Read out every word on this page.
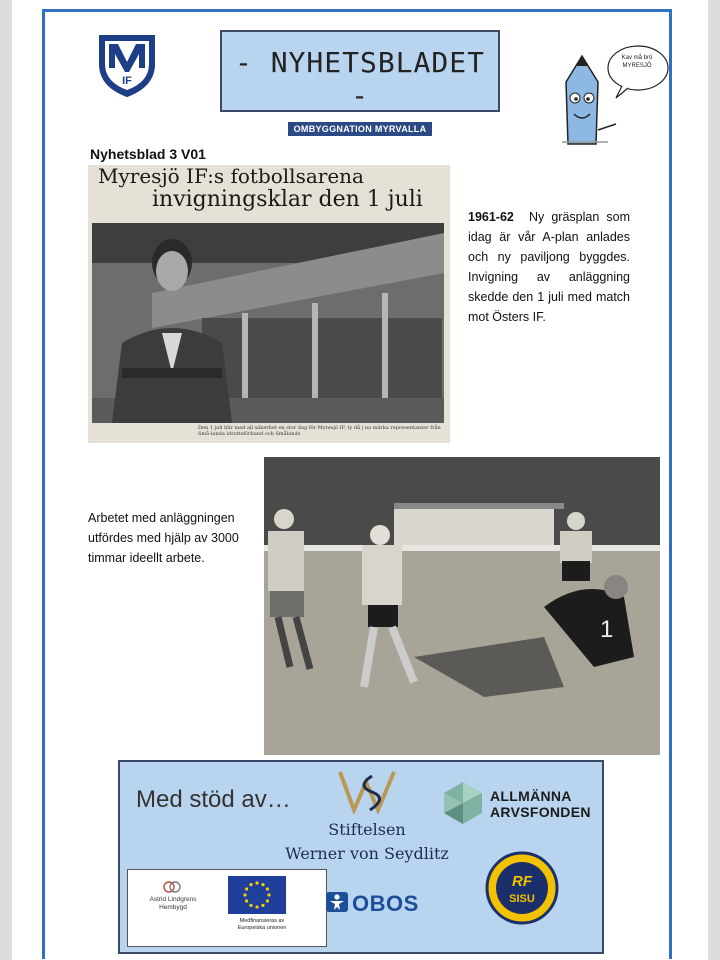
IF
- NYHETSBLADET -
OMBYGGNATION MYRVALLA
Kav må brö MYRESJÖ
Nyhetsblad 3 V01
Myresjö IF:s fotbollsarena
invigningsklar den 1 juli
Den 1 juli blir med all säkerhet en stor dag för Myresjö IF, ty då | na märka representanter från Små-landa idrottsförbund och Smålands
1961-62 Ny gräsplan som idag är vår A-plan anlades och ny paviljong byggdes. Invigning av anläggning skedde den 1 juli med match mot Östers IF.
Arbetet med anläggningen utfördes med hjälp av 3000 timmar ideellt arbete.
1
Med stöd av…
Stiftelsen
Werner von Seydlitz
ALLMÄNNA
ARVSFONDEN
Astrid Lindgrens
Hembygd
Medfinansieras av
Europeiska unionen
OBOS
RF
SISU
